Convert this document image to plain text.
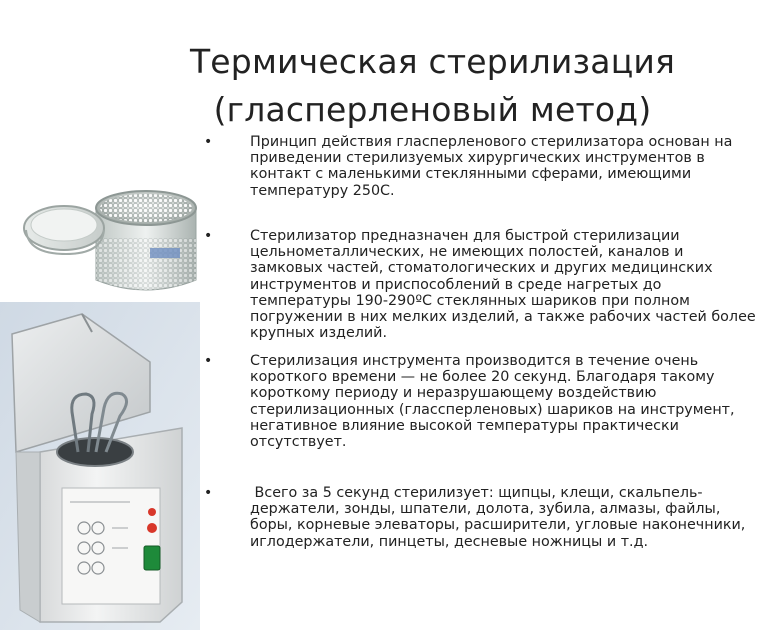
Термическая стерилизация
(гласперленовый метод)
•	Принцип действия гласперленового стерилизатора основан на
приведении стерилизуемых хирургических инструментов в
контакт с маленькими стеклянными сферами, имеющими
температуру 250С.
•	Стерилизатор предназначен для быстрой стерилизации
цельнометаллических, не имеющих полостей, каналов и
замковых частей, стоматологических и других медицинских
инструментов и приспособлений в среде нагретых до
температуры 190-290ºС стеклянных шариков при полном
погружении в них мелких изделий, а также рабочих частей более
крупных изделий.
•	Стерилизация инструмента производится в течение очень
короткого времени — не более 20 секунд. Благодаря такому
короткому периоду и неразрушающему воздействию
стерилизационных (глассперленовых) шариков на инструмент,
негативное влияние высокой температуры практически
отсутствует.
•	Всего за 5 секунд стерилизует: щипцы, клещи, скальпель-
держатели, зонды, шпатели, долота, зубила, алмазы, файлы,
боры, корневые элеваторы, расширители, угловые наконечники,
иглодержатели, пинцеты, десневые ножницы и т.д.
